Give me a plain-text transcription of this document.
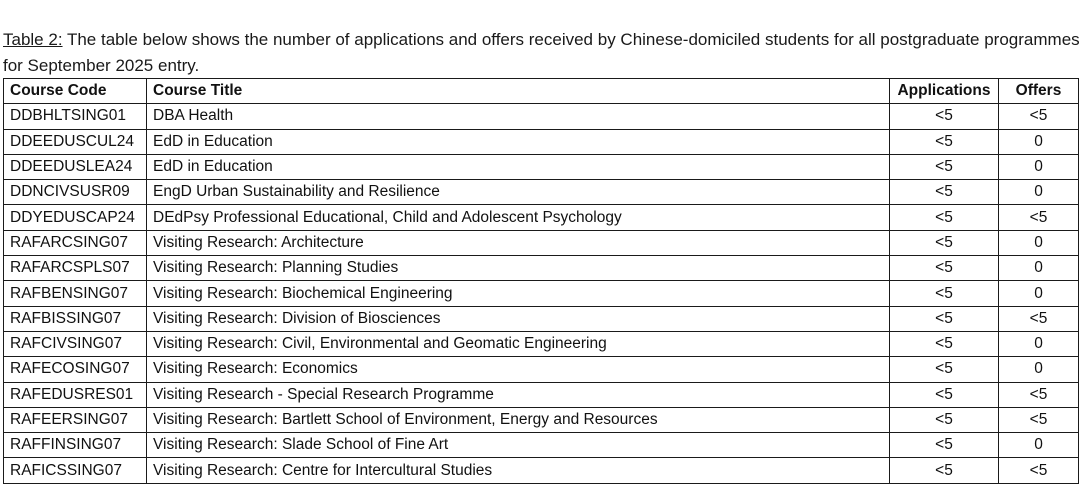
Table 2: The table below shows the number of applications and offers received by Chinese-domiciled students for all postgraduate programmes for September 2025 entry.

Course Code	Course Title	Applications	Offers
DDBHLTSING01	DBA Health	<5	<5
DDEEDUSCUL24	EdD in Education	<5	0
DDEEDUSLEA24	EdD in Education	<5	0
DDNCIVSUSR09	EngD Urban Sustainability and Resilience	<5	0
DDYEDUSCAP24	DEdPsy Professional Educational, Child and Adolescent Psychology	<5	<5
RAFARCSING07	Visiting Research: Architecture	<5	0
RAFARCSPLS07	Visiting Research: Planning Studies	<5	0
RAFBENSING07	Visiting Research: Biochemical Engineering	<5	0
RAFBISSING07	Visiting Research: Division of Biosciences	<5	<5
RAFCIVSING07	Visiting Research: Civil, Environmental and Geomatic Engineering	<5	0
RAFECOSING07	Visiting Research: Economics	<5	0
RAFEDUSRES01	Visiting Research - Special Research Programme	<5	<5
RAFEERSING07	Visiting Research: Bartlett School of Environment, Energy and Resources	<5	<5
RAFFINSING07	Visiting Research: Slade School of Fine Art	<5	0
RAFICSSING07	Visiting Research: Centre for Intercultural Studies	<5	<5
